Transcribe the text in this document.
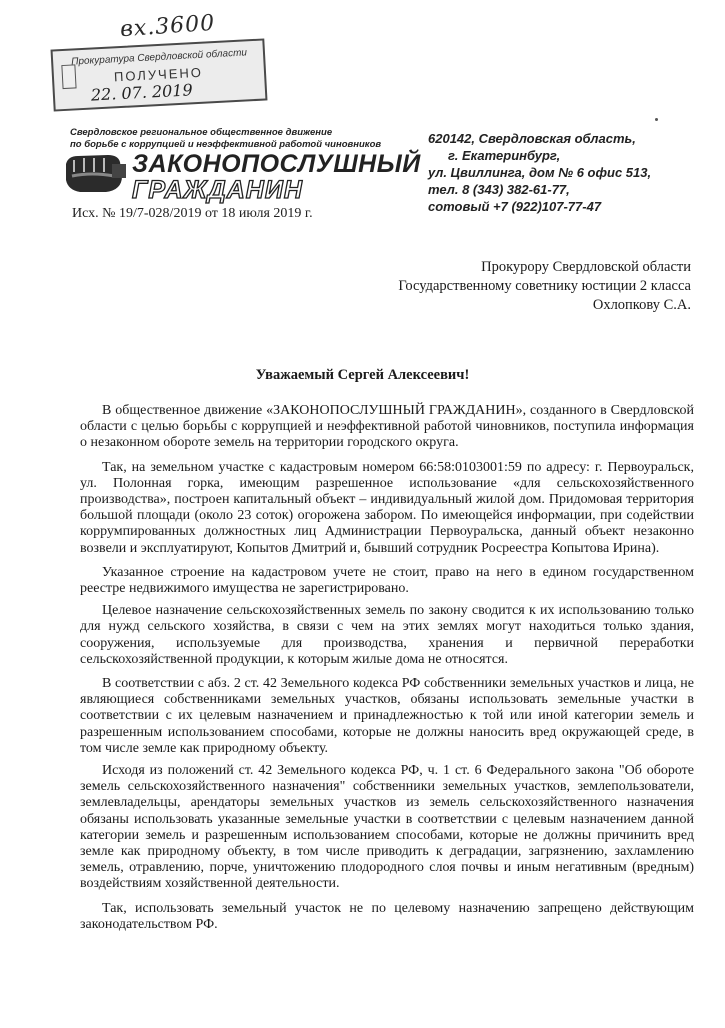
вх.3600
Прокуратура Свердловской области
ПОЛУЧЕНО
22. 07. 2019
Свердловское региональное общественное движение
по борьбе с коррупцией и неэффективной работой чиновников
ЗАКОНОПОСЛУШНЫЙ
ГРАЖДАНИН
Исх. № 19/7-028/2019 от 18 июля 2019 г.
620142, Свердловская область,
г. Екатеринбург,
ул. Цвиллинга, дом № 6 офис 513,
тел. 8 (343) 382-61-77,
сотовый +7 (922)107-77-47
Прокурору Свердловской области
Государственному советнику юстиции 2 класса
Охлопкову С.А.
Уважаемый Сергей Алексеевич!

В общественное движение «ЗАКОНОПОСЛУШНЫЙ ГРАЖДАНИН», созданного в Свердловской области с целью борьбы с коррупцией и неэффективной работой чиновников, поступила информация о незаконном обороте земель на территории городского округа.

Так, на земельном участке с кадастровым номером 66:58:0103001:59 по адресу: г. Первоуральск, ул. Полонная горка, имеющим разрешенное использование «для сельскохозяйственного производства», построен капитальный объект – индивидуальный жилой дом. Придомовая территория большой площади (около 23 соток) огорожена забором. По имеющейся информации, при содействии коррумпированных должностных лиц Администрации Первоуральска, данный объект незаконно возвели и эксплуатируют, Копытов Дмитрий и, бывший сотрудник Росреестра Копытова Ирина).

Указанное строение на кадастровом учете не стоит, право на него в едином государственном реестре недвижимого имущества не зарегистрировано.

Целевое назначение сельскохозяйственных земель по закону сводится к их использованию только для нужд сельского хозяйства, в связи с чем на этих землях могут находиться только здания, сооружения, используемые для производства, хранения и первичной переработки сельскохозяйственной продукции, к которым жилые дома не относятся.

В соответствии с абз. 2 ст. 42 Земельного кодекса РФ собственники земельных участков и лица, не являющиеся собственниками земельных участков, обязаны использовать земельные участки в соответствии с их целевым назначением и принадлежностью к той или иной категории земель и разрешенным использованием способами, которые не должны наносить вред окружающей среде, в том числе земле как природному объекту.

Исходя из положений ст. 42 Земельного кодекса РФ, ч. 1 ст. 6 Федерального закона "Об обороте земель сельскохозяйственного назначения" собственники земельных участков, землепользователи, землевладельцы, арендаторы земельных участков из земель сельскохозяйственного назначения обязаны использовать указанные земельные участки в соответствии с целевым назначением данной категории земель и разрешенным использованием способами, которые не должны причинить вред земле как природному объекту, в том числе приводить к деградации, загрязнению, захламлению земель, отравлению, порче, уничтожению плодородного слоя почвы и иным негативным (вредным) воздействиям хозяйственной деятельности.

Так, использовать земельный участок не по целевому назначению запрещено действующим законодательством РФ.
